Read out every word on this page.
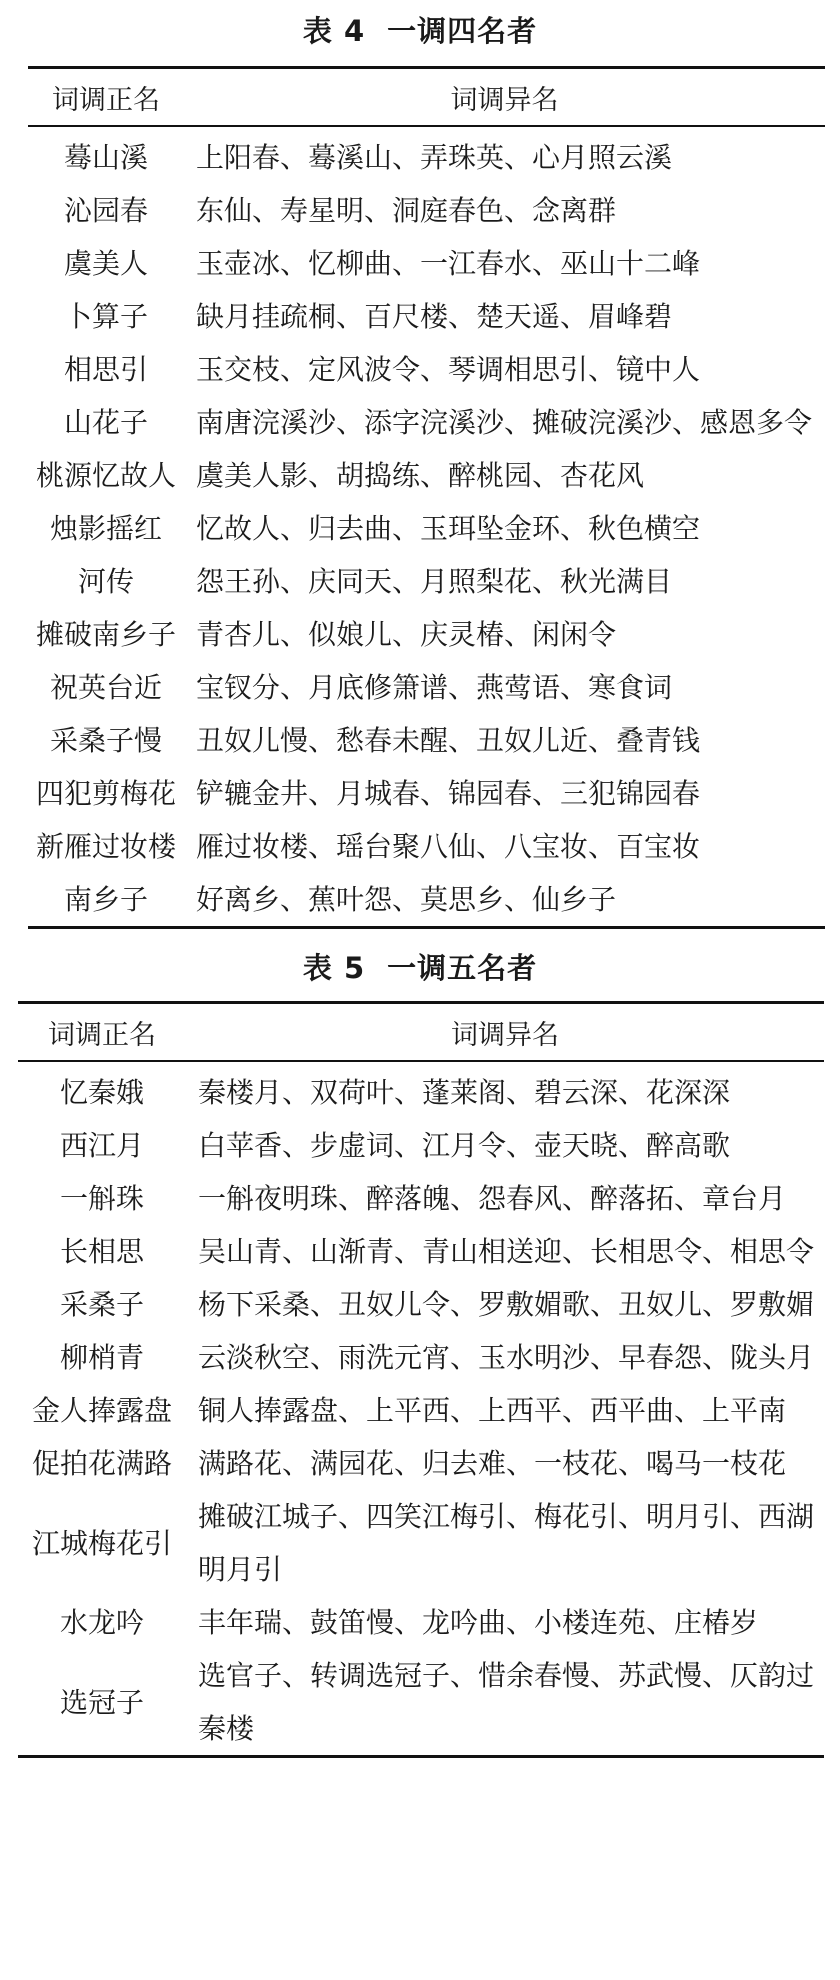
表 4 一调四名者
词调正名	词调异名
蓦山溪	上阳春、蓦溪山、弄珠英、心月照云溪
沁园春	东仙、寿星明、洞庭春色、念离群
虞美人	玉壶冰、忆柳曲、一江春水、巫山十二峰
卜算子	缺月挂疏桐、百尺楼、楚天遥、眉峰碧
相思引	玉交枝、定风波令、琴调相思引、镜中人
山花子	南唐浣溪沙、添字浣溪沙、摊破浣溪沙、感恩多令
桃源忆故人	虞美人影、胡捣练、醉桃园、杏花风
烛影摇红	忆故人、归去曲、玉珥坠金环、秋色横空
河传	怨王孙、庆同天、月照梨花、秋光满目
摊破南乡子	青杏儿、似娘儿、庆灵椿、闲闲令
祝英台近	宝钗分、月底修箫谱、燕莺语、寒食词
采桑子慢	丑奴儿慢、愁春未醒、丑奴儿近、叠青钱
四犯剪梅花	铲辘金井、月城春、锦园春、三犯锦园春
新雁过妆楼	雁过妆楼、瑶台聚八仙、八宝妆、百宝妆
南乡子	好离乡、蕉叶怨、莫思乡、仙乡子
表 5 一调五名者
词调正名	词调异名
忆秦娥	秦楼月、双荷叶、蓬莱阁、碧云深、花深深
西江月	白苹香、步虚词、江月令、壶天晓、醉高歌
一斛珠	一斛夜明珠、醉落魄、怨春风、醉落拓、章台月
长相思	吴山青、山渐青、青山相送迎、长相思令、相思令
采桑子	杨下采桑、丑奴儿令、罗敷媚歌、丑奴儿、罗敷媚
柳梢青	云淡秋空、雨洗元宵、玉水明沙、早春怨、陇头月
金人捧露盘	铜人捧露盘、上平西、上西平、西平曲、上平南
促拍花满路	满路花、满园花、归去难、一枝花、喝马一枝花
江城梅花引	摊破江城子、四笑江梅引、梅花引、明月引、西湖明月引
水龙吟	丰年瑞、鼓笛慢、龙吟曲、小楼连苑、庄椿岁
选冠子	选官子、转调选冠子、惜余春慢、苏武慢、仄韵过秦楼
